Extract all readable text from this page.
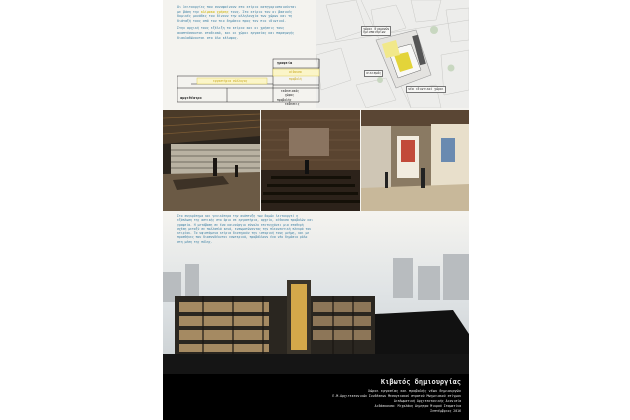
Οι λειτουργίες που συνυφαίνουν στο κτίριο κατηγοριοποιούνται με βάση την κλίμακα χρήσης τους. Στο κτίριο του οι βασικές δομικές μονάδες του δίνουν την αλληλουχία των χώρων και τη διάταξή τους από τον πιο δημόσιο προς τον πιο ιδιωτικό.

Στην αρχική τους εξέλιξη τα κτίρια και οι χρήσεις τους αναπτύσσονται σταδιακά, και οι χώροι εργασίας και παραγωγής διακλαδώνονται στο όλο κέλυφος.

χώροι διαμονών
ημιυπαιθρίων
οικισμός
νέα ιδιωτικοί χώροι
γραφεία
αίθουσα
προβολή
εργαστήρια σύλλογος
αμφιθέατρο
εκθεσιακός
χώρος
προβολής
εκθεσεις

Στο συγκρότημα και γενικότερα την ανάπτυξη των δομών λειτουργεί η εξάπλωση της αστικής στο όριο σε εργαστήρια, αρχείο, αίθουσα προβολών και γραφεία. Η μετάβαση σε ένα καινούργιο σύνολο επιτυγχάνει μια σταθερή σχέση μεταξύ σε πολλαπλά κενά, ενσωματώνοντας την πλεονεκτική πλευρά του κτιρίου. Τα υφιστάμενα κτίρια διατηρούν την ιστορική τους μνήμη, και με προσθήκες που διασυνδέονται εσωτερικά, προβάλλουν ένα νέο δημόσιο ρόλο στη μέση της πόλης.

Κιβωτός δημιουργίας
Χώροι εργασίας και προβολής νέων δημιουργών
Ε.Μ.Αρχιτεκτονικών Συνδέσεων Μεσογειακού στρατού Μνημειακού στίγμου
Διπλωματική Αρχιτεκτονικής Διονισία
Διδάσκουσα: Μιχαλάκη Δημητρα Μικρού Σταματίνα
Σεπτέμβριος 2016
